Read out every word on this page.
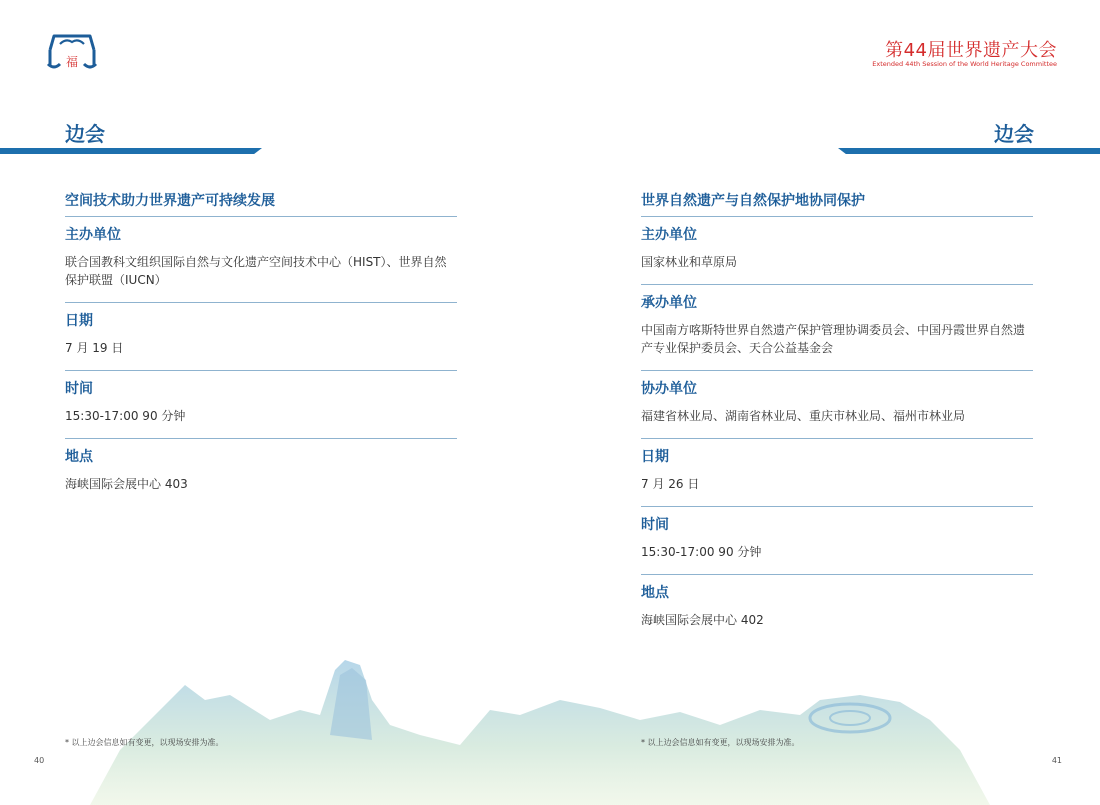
福
第44届世界遗产大会
Extended 44th Session of the World Heritage Committee
边会	边会
空间技术助力世界遗产可持续发展
主办单位
联合国教科文组织国际自然与文化遗产空间技术中心（HIST）、世界自然保护联盟（IUCN）
日期
7 月 19 日
时间
15:30-17:00 90 分钟
地点
海峡国际会展中心 403
世界自然遗产与自然保护地协同保护
主办单位
国家林业和草原局
承办单位
中国南方喀斯特世界自然遗产保护管理协调委员会、中国丹霞世界自然遗产专业保护委员会、天合公益基金会
协办单位
福建省林业局、湖南省林业局、重庆市林业局、福州市林业局
日期
7 月 26 日
时间
15:30-17:00 90 分钟
地点
海峡国际会展中心 402
* 以上边会信息如有变更，以现场安排为准。	* 以上边会信息如有变更，以现场安排为准。
40	41
